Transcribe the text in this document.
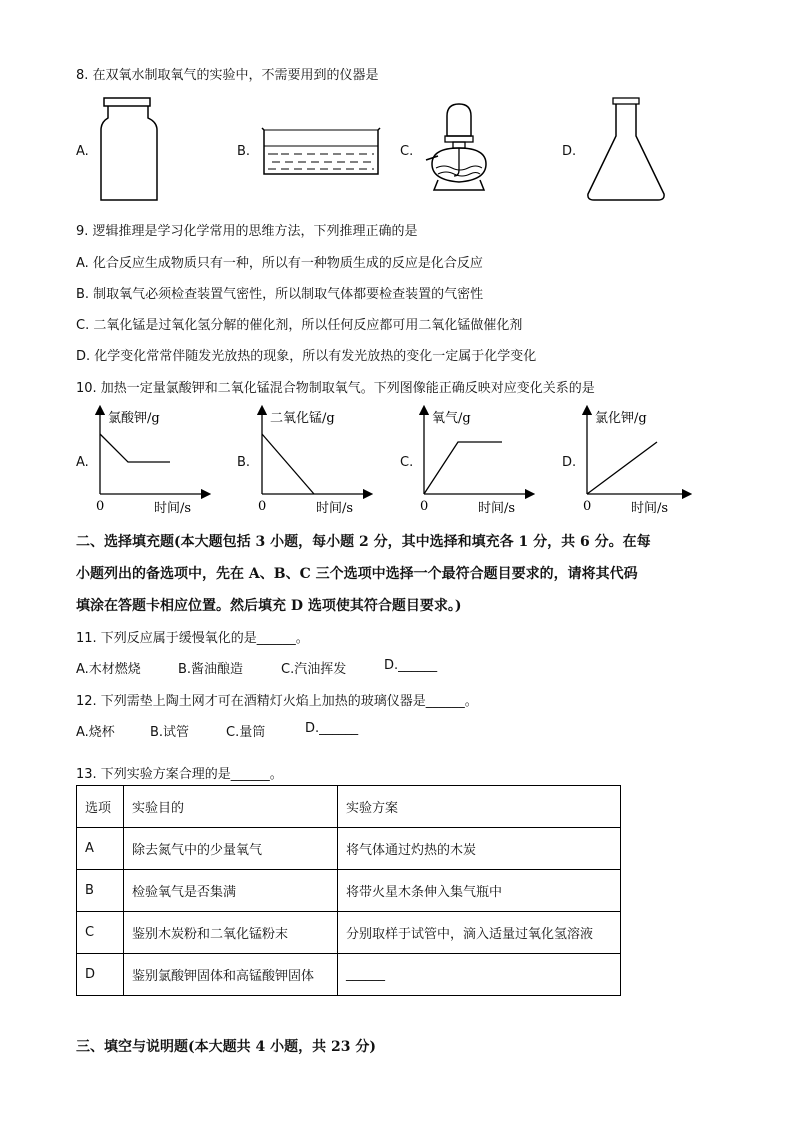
8. 在双氧水制取氧气的实验中，不需要用到的仪器是
A.	B.	C.	D.
9. 逻辑推理是学习化学常用的思维方法，下列推理正确的是
A. 化合反应生成物质只有一种，所以有一种物质生成的反应是化合反应
B. 制取氧气必须检查装置气密性，所以制取气体都要检查装置的气密性
C. 二氧化锰是过氧化氢分解的催化剂，所以任何反应都可用二氧化锰做催化剂
D. 化学变化常常伴随发光放热的现象，所以有发光放热的变化一定属于化学变化
10. 加热一定量氯酸钾和二氧化锰混合物制取氧气。下列图像能正确反映对应变化关系的是
A.	B.	C.	D.
氯酸钾/g
0	时间/s
二氧化锰/g
0	时间/s
氧气/g
0	时间/s
氯化钾/g
0	时间/s
二、选择填充题(本大题包括 3 小题，每小题 2 分，其中选择和填充各 1 分，共 6 分。在每
小题列出的备选项中，先在 A、B、C 三个选项中选择一个最符合题目要求的，请将其代码
填涂在答题卡相应位置。然后填充 D 选项使其符合题目要求。)
11. 下列反应属于缓慢氧化的是______。
A.木材燃烧	B.酱油酿造	C.汽油挥发	D.______
12. 下列需垫上陶土网才可在酒精灯火焰上加热的玻璃仪器是______。
A.烧杯	B.试管	C.量筒	D.______
13. 下列实验方案合理的是______。
选项	实验目的	实验方案
A	除去氮气中的少量氧气	将气体通过灼热的木炭
B	检验氧气是否集满	将带火星木条伸入集气瓶中
C	鉴别木炭粉和二氧化锰粉末	分别取样于试管中，滴入适量过氧化氢溶液
D	鉴别氯酸钾固体和高锰酸钾固体	______
三、填空与说明题(本大题共 4 小题，共 23 分)
